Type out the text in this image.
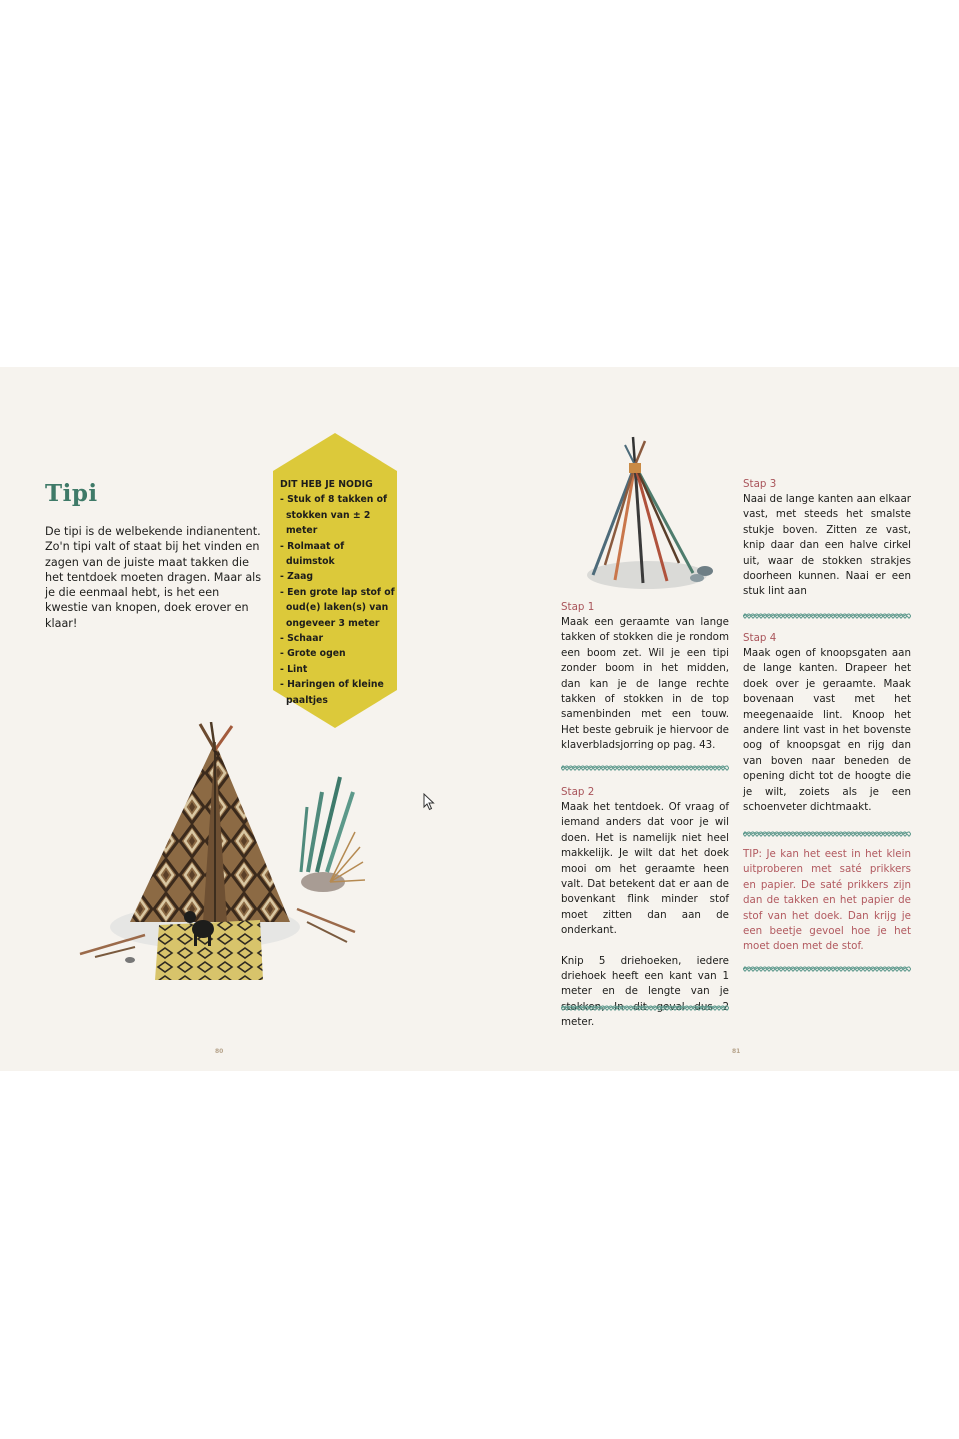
Tipi

De tipi is de welbekende indianentent. Zo'n tipi valt of staat bij het vinden en zagen van de juiste maat takken die het tentdoek moeten dragen. Maar als je die eenmaal hebt, is het een kwestie van knopen, doek erover en klaar!

DIT HEB JE NODIG
- Stuk of 8 takken of stokken van ± 2 meter
- Rolmaat of duimstok
- Zaag
- Een grote lap stof of oud(e) laken(s) van ongeveer 3 meter
- Schaar
- Grote ogen
- Lint
- Haringen of kleine paaltjes
80

Stap 1

Maak een geraamte van lange takken of stokken die je rondom een boom zet. Wil je een tipi zonder boom in het midden, dan kan je de lange rechte takken of stokken in de top samenbinden met een touw. Het beste gebruik je hiervoor de klaverbladsjorring op pag. 43.

Stap 2

Maak het tentdoek. Of vraag of iemand anders dat voor je wil doen. Het is namelijk niet heel makkelijk. Je wilt dat het doek mooi om het geraamte heen valt. Dat betekent dat er aan de bovenkant flink minder stof moet zitten dan aan de onderkant.

Knip 5 driehoeken, iedere driehoek heeft een kant van 1 meter en de lengte van je stokken, In dit geval dus 2 meter.

Stap 3

Naai de lange kanten aan elkaar vast, met steeds het smalste stukje boven. Zitten ze vast, knip daar dan een halve cirkel uit, waar de stokken strakjes doorheen kunnen. Naai er een stuk lint aan

Stap 4

Maak ogen of knoopsgaten aan de lange kanten. Drapeer het doek over je geraamte. Maak bovenaan vast met het meegenaaide lint. Knoop het andere lint vast in het bovenste oog of knoopsgat en rijg dan van boven naar beneden de opening dicht tot de hoogte die je wilt, zoiets als je een schoenveter dichtmaakt.

TIP: Je kan het eest in het klein uitproberen met saté prikkers en papier. De saté prikkers zijn dan de takken en het papier de stof van het doek. Dan krijg je een beetje gevoel hoe je het moet doen met de stof.

81
